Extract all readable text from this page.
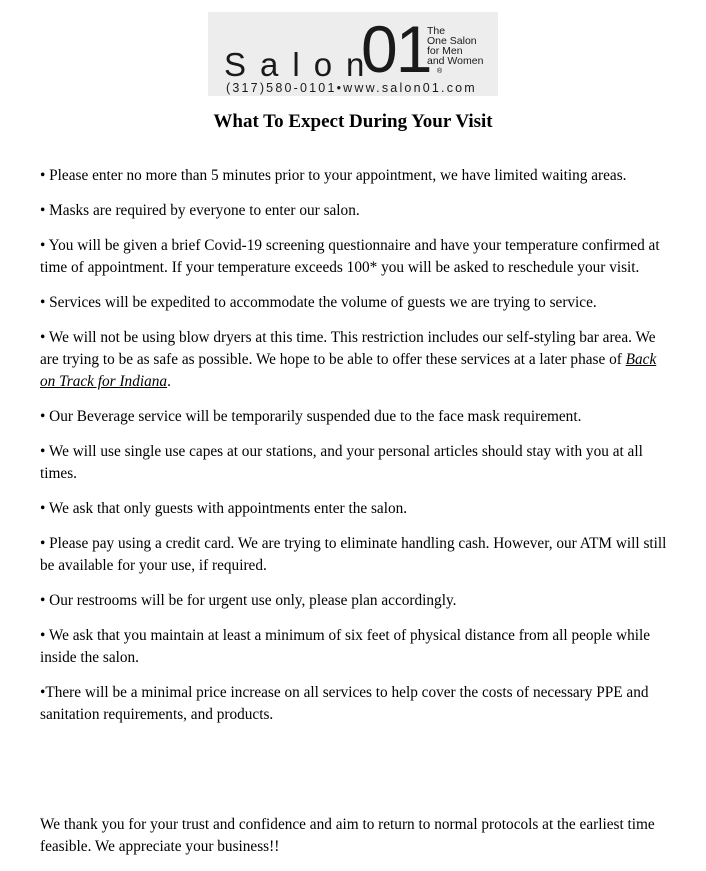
Salon
01
The
One Salon
for Men
and Women
®
(317)580-0101•www.salon01.com
What To Expect During Your Visit

• Please enter no more than 5 minutes prior to your appointment, we have limited waiting areas.

• Masks are required by everyone to enter our salon.

• You will be given a brief Covid-19 screening questionnaire and have your temperature confirmed at time of appointment. If your temperature exceeds 100* you will be asked to reschedule your visit.

• Services will be expedited to accommodate the volume of guests we are trying to service.

• We will not be using blow dryers at this time. This restriction includes our self-styling bar area. We are trying to be as safe as possible. We hope to be able to offer these services at a later phase of Back on Track for Indiana.

• Our Beverage service will be temporarily suspended due to the face mask requirement.

• We will use single use capes at our stations, and your personal articles should stay with you at all times.

• We ask that only guests with appointments enter the salon.

• Please pay using a credit card. We are trying to eliminate handling cash. However, our ATM will still be available for your use, if required.

• Our restrooms will be for urgent use only, please plan accordingly.

• We ask that you maintain at least a minimum of six feet of physical distance from all people while inside the salon.

•There will be a minimal price increase on all services to help cover the costs of necessary PPE and sanitation requirements, and products.

We thank you for your trust and confidence and aim to return to normal protocols at the earliest time feasible. We appreciate your business!!
